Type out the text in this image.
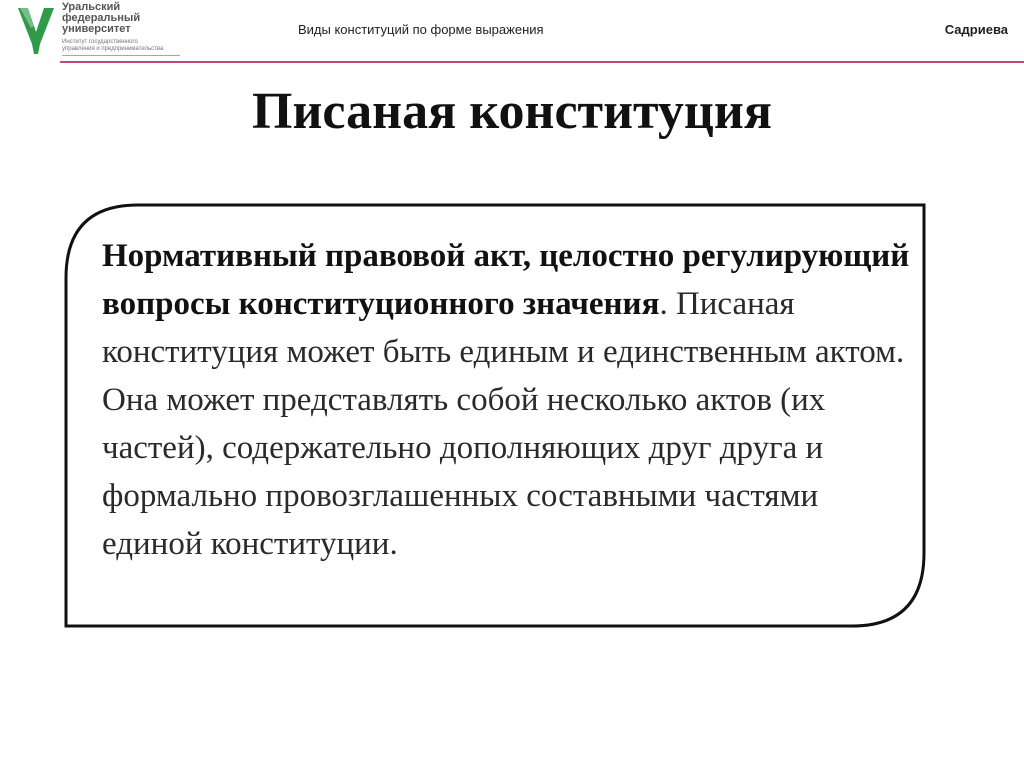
Уральский
федеральный
университет
Институт государственного
управления и предпринимательства
Виды конституций по форме выражения	Садриева
Писаная конституция
Нормативный правовой акт, целостно регулирующий вопросы конституционного значения. Писаная конституция может быть единым и единственным актом. Она может представлять собой несколько актов (их частей), содержательно дополняющих друг друга и формально провозглашенных составными частями единой конституции.
